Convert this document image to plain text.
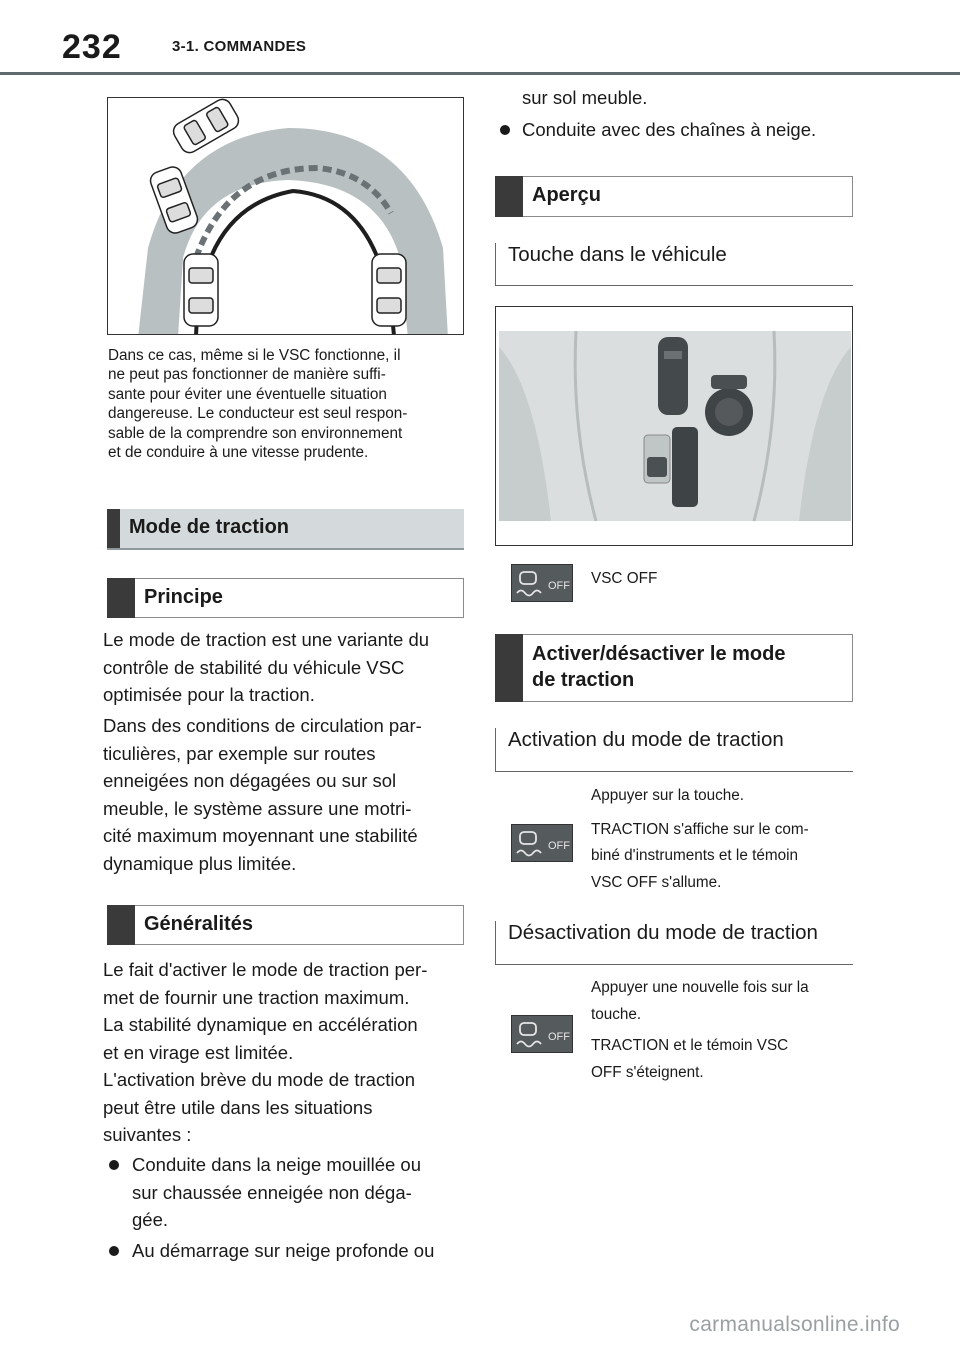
232	3-1. COMMANDES
Dans ce cas, même si le VSC fonctionne, il
ne peut pas fonctionner de manière suffi-
sante pour éviter une éventuelle situation
dangereuse. Le conducteur est seul respon-
sable de la comprendre son environnement
et de conduire à une vitesse prudente.
Mode de traction
Principe
Le mode de traction est une variante du
contrôle de stabilité du véhicule VSC
optimisée pour la traction.
Dans des conditions de circulation par-
ticulières, par exemple sur routes
enneigées non dégagées ou sur sol
meuble, le système assure une motri-
cité maximum moyennant une stabilité
dynamique plus limitée.
Généralités
Le fait d'activer le mode de traction per-
met de fournir une traction maximum.
La stabilité dynamique en accélération
et en virage est limitée.
L'activation brève du mode de traction
peut être utile dans les situations
suivantes :
Conduite dans la neige mouillée ou
sur chaussée enneigée non déga-
gée.
Au démarrage sur neige profonde ou
sur sol meuble.
Conduite avec des chaînes à neige.
Aperçu
Touche dans le véhicule
OFF VSC OFF
Activer/désactiver le mode
de traction
Activation du mode de traction
Appuyer sur la touche.
TRACTION s'affiche sur le com-
biné d'instruments et le témoin
VSC OFF s'allume.
OFF
Désactivation du mode de traction
Appuyer une nouvelle fois sur la
touche.
TRACTION et le témoin VSC
OFF s'éteignent.
OFF
carmanualsonline.info
